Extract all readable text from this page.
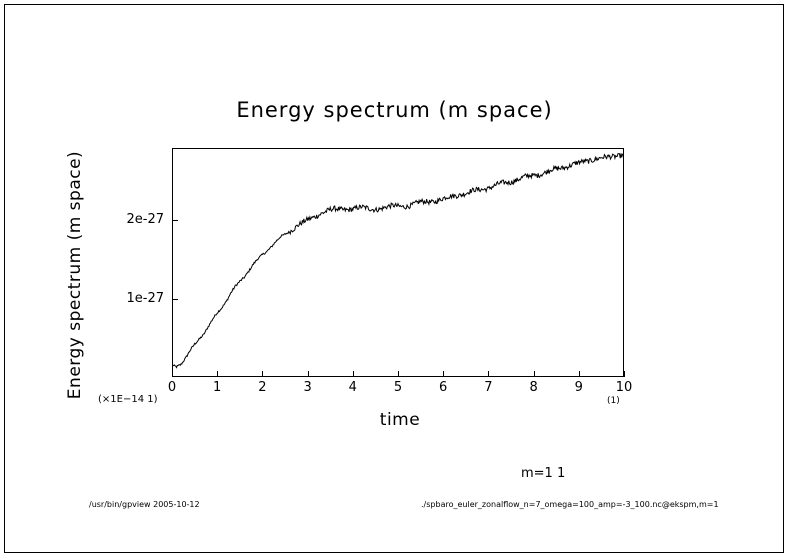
Energy spectrum (m space)
Energy spectrum (m space)
time
(×1E−14 1)	(1)
m=1 1
/usr/bin/gpview 2005-10-12	./spbaro_euler_zonalflow_n=7_omega=100_amp=-3_100.nc@ekspm,m=1
0	1	2	3	4	5	6	7	8	9	10
1e-27
2e-27
